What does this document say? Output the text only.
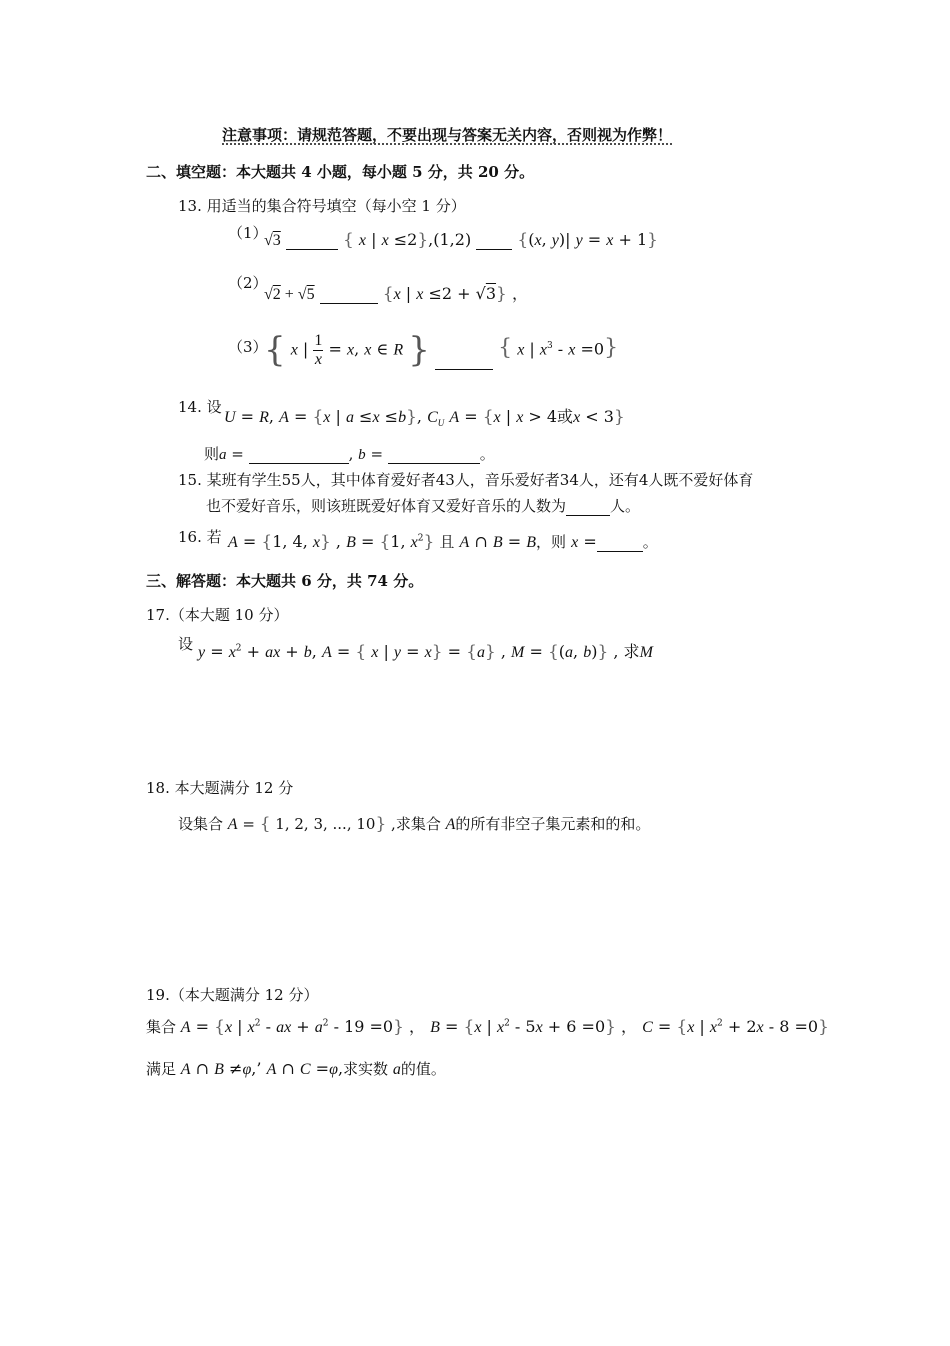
注意事项：请规范答题，不要出现与答案无关内容，否则视为作弊！
二、填空题：本大题共 4 小题，每小题 5 分，共 20 分。
13. 用适当的集合符号填空（每小空 1 分）
（1）
√3	{ x | x ≤2},(1,2)  {(x, y)| y = x + 1}
（2）
√2 + √5	{x | x ≤2 + √3} ，
（3）
{ x | $\frac{1}{x} = x$, x ∈ R }	{ x | $x^3 - x =0$}
14. 设
U = R, A = {x | a ≤x ≤b}, $C_U$ A = {x | x > 4或x < 3}
则a =	, b =	。
15. 某班有学生55人，其中体育爱好者43人，音乐爱好者34人，还有4人既不爱好体育
也不爱好音乐，则该班既爱好体育又爱好音乐的人数为	人。
16. 若 A = {1, 4, x} , B = {1, $x^2$} 且 A ∩ B = B，则 x =	。
三、解答题：本大题共 6 分，共 74 分。
17.（本大题 10 分）
设 $y = x^2$ + ax + b, A = { x | y = x} = {a} , M = {(a, b)} , 求M
18. 本大题满分 12 分
设集合 A = { 1, 2, 3, ..., 10} ,求集合 A的所有非空子集元素和的和。
19.（本大题满分 12 分）
集合 A = {x | $x^2$ - ax + $a^2 - 19 =0$} ， B = {x | $x^2 - 5x + 6 =0$} ， C = {x | $x^2 + 2x - 8 =0$}
满足 A ∩ B ≠φ,’ A ∩ C =φ,求实数 a的值。
